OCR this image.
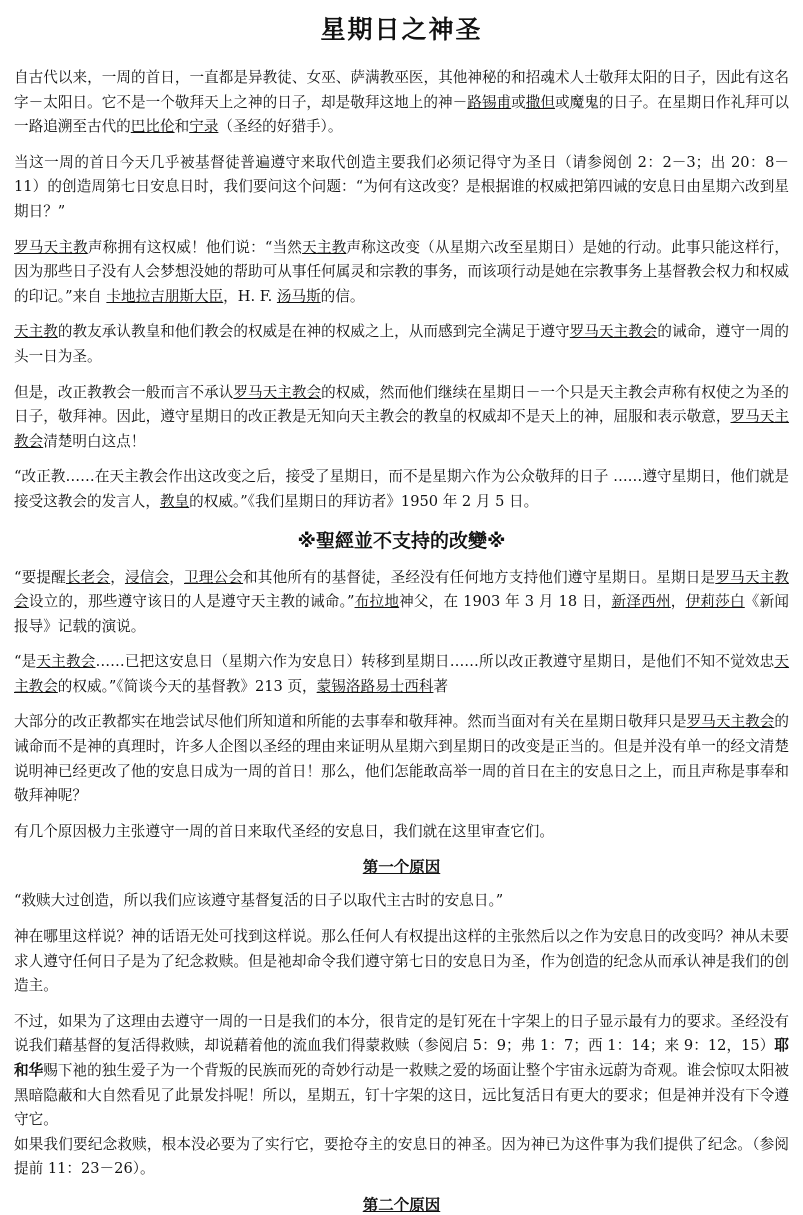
星期日之神圣

自古代以来，一周的首日，一直都是异教徒、女巫、萨满教巫医，其他神秘的和招魂术人士敬拜太阳的日子，因此有这名字－太阳日。它不是一个敬拜天上之神的日子，却是敬拜这地上的神－路锡甫或撒但或魔鬼的日子。在星期日作礼拜可以一路追溯至古代的巴比伦和宁录（圣经的好猎手）。

当这一周的首日今天几乎被基督徒普遍遵守来取代创造主要我们必须记得守为圣日（请参阅创 2：2－3；出 20：8－11）的创造周第七日安息日时，我们要问这个问题：“为何有这改变？是根据谁的权威把第四诫的安息日由星期六改到星期日？”

罗马天主教声称拥有这权威！他们说：“当然天主教声称这改变（从星期六改至星期日）是她的行动。此事只能这样行，因为那些日子没有人会梦想没她的帮助可从事任何属灵和宗教的事务，而该项行动是她在宗教事务上基督教会权力和权威的印记。”来自 卡地拉吉朋斯大臣，H. F. 汤马斯的信。

天主教的教友承认教皇和他们教会的权威是在神的权威之上，从而感到完全满足于遵守罗马天主教会的诫命，遵守一周的头一日为圣。

但是，改正教教会一般而言不承认罗马天主教会的权威，然而他们继续在星期日－一个只是天主教会声称有权使之为圣的日子，敬拜神。因此，遵守星期日的改正教是无知向天主教会的教皇的权威却不是天上的神，屈服和表示敬意，罗马天主教会清楚明白这点！

“改正教……在天主教会作出这改变之后，接受了星期日，而不是星期六作为公众敬拜的日子 ……遵守星期日，他们就是接受这教会的发言人，教皇的权威。”《我们星期日的拜访者》1950 年 2 月 5 日。

※聖經並不支持的改變※

“要提醒长老会，浸信会，卫理公会和其他所有的基督徒，圣经没有任何地方支持他们遵守星期日。星期日是罗马天主教会设立的，那些遵守该日的人是遵守天主教的诫命。”布拉地神父，在 1903 年 3 月 18 日，新泽西州，伊莉莎白《新闻报导》记载的演说。

“是天主教会……已把这安息日（星期六作为安息日）转移到星期日……所以改正教遵守星期日，是他们不知不觉效忠天主教会的权威。”《简谈今天的基督教》213 页，蒙锡洛路易士西科著

大部分的改正教都实在地尝试尽他们所知道和所能的去事奉和敬拜神。然而当面对有关在星期日敬拜只是罗马天主教会的诫命而不是神的真理时，许多人企图以圣经的理由来证明从星期六到星期日的改变是正当的。但是并没有单一的经文清楚说明神已经更改了他的安息日成为一周的首日！那么，他们怎能敢高举一周的首日在主的安息日之上，而且声称是事奉和敬拜神呢？

有几个原因极力主张遵守一周的首日来取代圣经的安息日，我们就在这里审查它们。

第一个原因

“救赎大过创造，所以我们应该遵守基督复活的日子以取代主古时的安息日。”

神在哪里这样说？神的话语无处可找到这样说。那么任何人有权提出这样的主张然后以之作为安息日的改变吗？神从未要求人遵守任何日子是为了纪念救赎。但是祂却命令我们遵守第七日的安息日为圣，作为创造的纪念从而承认神是我们的创造主。

不过，如果为了这理由去遵守一周的一日是我们的本分，很肯定的是钉死在十字架上的日子显示最有力的要求。圣经没有说我们藉基督的复活得救赎，却说藉着他的流血我们得蒙救赎（参阅启 5：9；弗 1：7；西 1：14；来 9：12，15）耶和华赐下祂的独生爱子为一个背叛的民族而死的奇妙行动是一救赎之爱的场面让整个宇宙永远蔚为奇观。谁会惊叹太阳被黑暗隐蔽和大自然看见了此景发抖呢！所以，星期五，钉十字架的这日，远比复活日有更大的要求；但是神并没有下令遵守它。

如果我们要纪念救赎，根本没必要为了实行它，要抢夺主的安息日的神圣。因为神已为这件事为我们提供了纪念。（参阅提前 11：23－26）。

第二个原因
